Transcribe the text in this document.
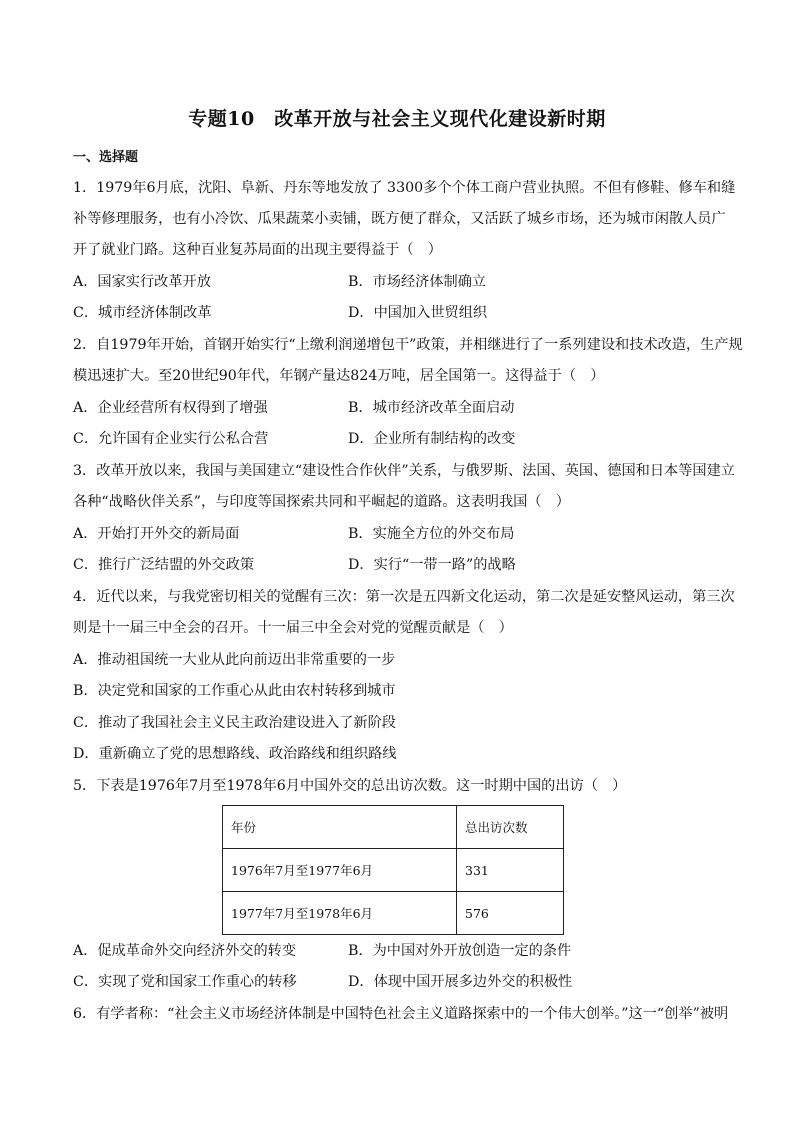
专题10　改革开放与社会主义现代化建设新时期
一、选择题
1．1979年6月底，沈阳、阜新、丹东等地发放了 3300多个个体工商户营业执照。不但有修鞋、修车和缝
补等修理服务，也有小冷饮、瓜果蔬菜小卖铺，既方便了群众，又活跃了城乡市场，还为城市闲散人员广
开了就业门路。这种百业复苏局面的出现主要得益于（　）
A．国家实行改革开放	B．市场经济体制确立
C．城市经济体制改革	D．中国加入世贸组织
2．自1979年开始，首钢开始实行“上缴利润递增包干”政策，并相继进行了一系列建设和技术改造，生产规
模迅速扩大。至20世纪90年代，年钢产量达824万吨，居全国第一。这得益于（　）
A．企业经营所有权得到了增强	B．城市经济改革全面启动
C．允许国有企业实行公私合营	D．企业所有制结构的改变
3．改革开放以来，我国与美国建立“建设性合作伙伴”关系，与俄罗斯、法国、英国、德国和日本等国建立
各种“战略伙伴关系”，与印度等国探索共同和平崛起的道路。这表明我国（　）
A．开始打开外交的新局面	B．实施全方位的外交布局
C．推行广泛结盟的外交政策	D．实行“一带一路”的战略
4．近代以来，与我党密切相关的觉醒有三次：第一次是五四新文化运动，第二次是延安整风运动，第三次
则是十一届三中全会的召开。十一届三中全会对党的觉醒贡献是（　）
A．推动祖国统一大业从此向前迈出非常重要的一步
B．决定党和国家的工作重心从此由农村转移到城市
C．推动了我国社会主义民主政治建设进入了新阶段
D．重新确立了党的思想路线、政治路线和组织路线
5．下表是1976年7月至1978年6月中国外交的总出访次数。这一时期中国的出访（　）
年份	总出访次数
1976年7月至1977年6月	331
1977年7月至1978年6月	576
A．促成革命外交向经济外交的转变	B．为中国对外开放创造一定的条件
C．实现了党和国家工作重心的转移	D．体现中国开展多边外交的积极性
6．有学者称：“社会主义市场经济体制是中国特色社会主义道路探索中的一个伟大创举。”这一“创举”被明
